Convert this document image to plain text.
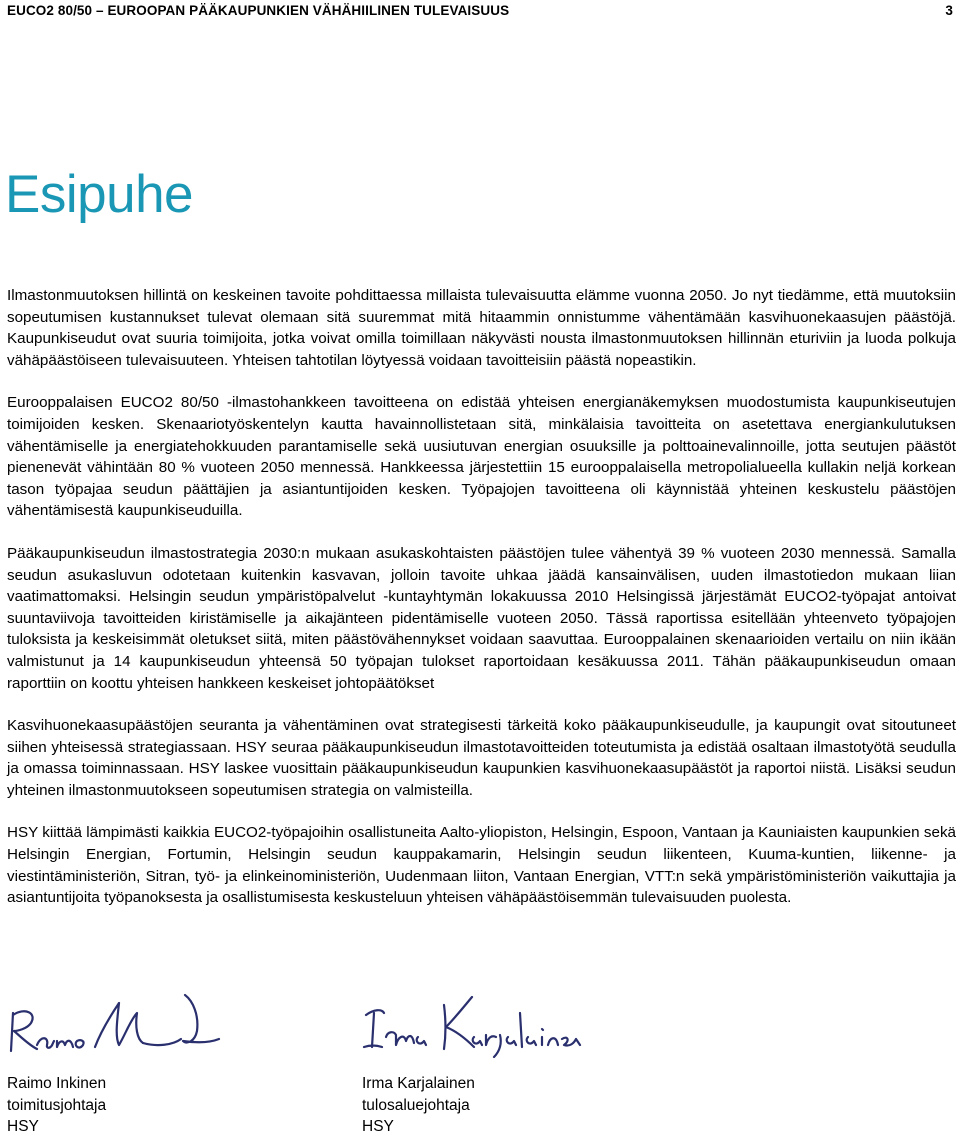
EUCO2 80/50 – EUROOPAN PÄÄKAUPUNKIEN VÄHÄHIILINEN TULEVAISUUS	3
Esipuhe

Ilmastonmuutoksen hillintä on keskeinen tavoite pohdittaessa millaista tulevaisuutta elämme vuonna 2050. Jo nyt tiedämme, että muutoksiin sopeutumisen kustannukset tulevat olemaan sitä suuremmat mitä hitaammin onnistumme vähentämään kasvihuonekaasujen päästöjä. Kaupunkiseudut ovat suuria toimijoita, jotka voivat omilla toimillaan näkyvästi nousta ilmastonmuutoksen hillinnän eturiviin ja luoda polkuja vähäpäästöiseen tulevaisuuteen. Yhteisen tahtotilan löytyessä voidaan tavoitteisiin päästä nopeastikin.

Eurooppalaisen EUCO2 80/50 -ilmastohankkeen tavoitteena on edistää yhteisen energianäkemyksen muodostumista kaupunkiseutujen toimijoiden kesken. Skenaariotyöskentelyn kautta havainnollistetaan sitä, minkälaisia tavoitteita on asetettava energiankulutuksen vähentämiselle ja energiatehokkuuden parantamiselle sekä uusiutuvan energian osuuksille ja polttoainevalinnoille, jotta seutujen päästöt pienenevät vähintään 80 % vuoteen 2050 mennessä. Hankkeessa järjestettiin 15 eurooppalaisella metropolialueella kullakin neljä korkean tason työpajaa seudun päättäjien ja asiantuntijoiden kesken. Työpajojen tavoitteena oli käynnistää yhteinen keskustelu päästöjen vähentämisestä kaupunkiseuduilla.

Pääkaupunkiseudun ilmastostrategia 2030:n mukaan asukaskohtaisten päästöjen tulee vähentyä 39 % vuoteen 2030 mennessä. Samalla seudun asukasluvun odotetaan kuitenkin kasvavan, jolloin tavoite uhkaa jäädä kansainvälisen, uuden ilmastotiedon mukaan liian vaatimattomaksi. Helsingin seudun ympäristöpalvelut -kuntayhtymän lokakuussa 2010 Helsingissä järjestämät EUCO2-työpajat antoivat suuntaviivoja tavoitteiden kiristämiselle ja aikajänteen pidentämiselle vuoteen 2050. Tässä raportissa esitellään yhteenveto työpajojen tuloksista ja keskeisimmät oletukset siitä, miten päästövähennykset voidaan saavuttaa. Eurooppalainen skenaarioiden vertailu on niin ikään valmistunut ja 14 kaupunkiseudun yhteensä 50 työpajan tulokset raportoidaan kesäkuussa 2011. Tähän pääkaupunkiseudun omaan raporttiin on koottu yhteisen hankkeen keskeiset johtopäätökset

Kasvihuonekaasupäästöjen seuranta ja vähentäminen ovat strategisesti tärkeitä koko pääkaupunkiseudulle, ja kaupungit ovat sitoutuneet siihen yhteisessä strategiassaan. HSY seuraa pääkaupunkiseudun ilmastotavoitteiden toteutumista ja edistää osaltaan ilmastotyötä seudulla ja omassa toiminnassaan. HSY laskee vuosittain pääkaupunkiseudun kaupunkien kasvihuonekaasupäästöt ja raportoi niistä. Lisäksi seudun yhteinen ilmastonmuutokseen sopeutumisen strategia on valmisteilla.

HSY kiittää lämpimästi kaikkia EUCO2-työpajoihin osallistuneita Aalto-yliopiston, Helsingin, Espoon, Vantaan ja Kauniaisten kaupunkien sekä Helsingin Energian, Fortumin, Helsingin seudun kauppakamarin, Helsingin seudun liikenteen, Kuuma-kuntien, liikenne- ja viestintäministeriön, Sitran, työ- ja elinkeinoministeriön, Uudenmaan liiton, Vantaan Energian, VTT:n sekä ympäristöministeriön vaikuttajia ja asiantuntijoita työpanoksesta ja osallistumisesta keskusteluun yhteisen vähäpäästöisemmän tulevaisuuden puolesta.

Raimo Inkinen
toimitusjohtaja
HSY
Irma Karjalainen
tulosaluejohtaja
HSY
